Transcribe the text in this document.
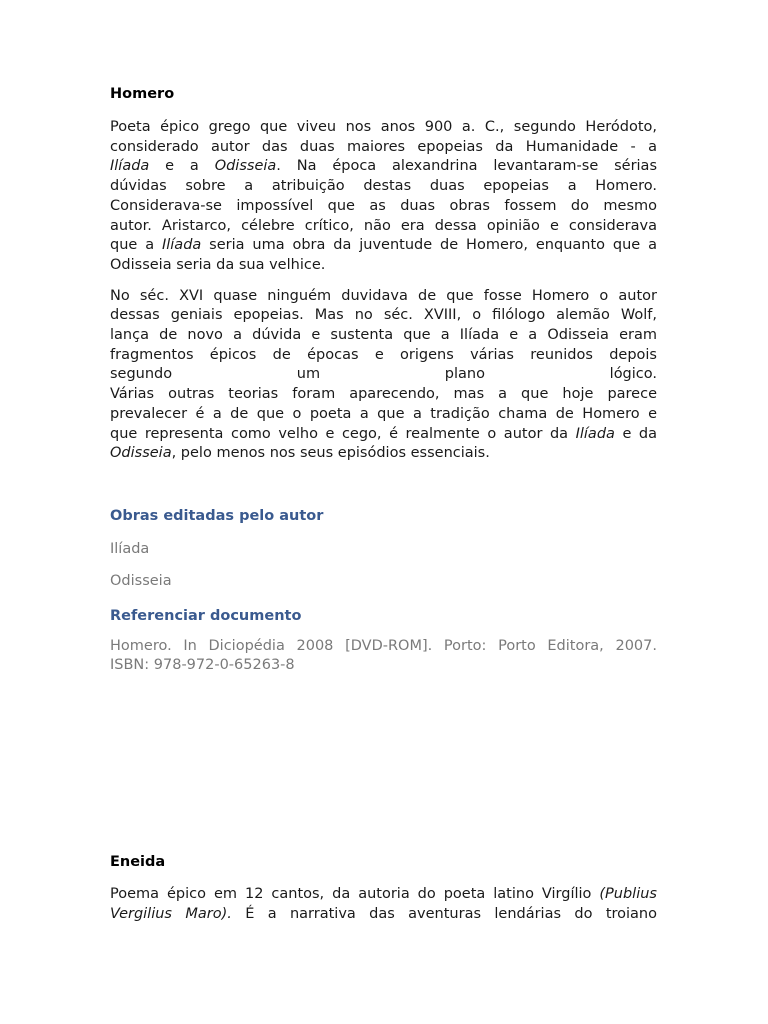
Homero

Poeta épico grego que viveu nos anos 900 a. C., segundo Heródoto,
considerado autor das duas maiores epopeias da Humanidade - a
Ilíada e a Odisseia. Na época alexandrina levantaram-se sérias
dúvidas sobre a atribuição destas duas epopeias a Homero.
Considerava-se impossível que as duas obras fossem do mesmo
autor. Aristarco, célebre crítico, não era dessa opinião e considerava
que a Ilíada seria uma obra da juventude de Homero, enquanto que a
Odisseia seria da sua velhice.

No séc. XVI quase ninguém duvidava de que fosse Homero o autor
dessas geniais epopeias. Mas no séc. XVIII, o filólogo alemão Wolf,
lança de novo a dúvida e sustenta que a Ilíada e a Odisseia eram
fragmentos épicos de épocas e origens várias reunidos depois
segundo um plano lógico.
Várias outras teorias foram aparecendo, mas a que hoje parece
prevalecer é a de que o poeta a que a tradição chama de Homero e
que representa como velho e cego, é realmente o autor da Ilíada e da
Odisseia, pelo menos nos seus episódios essenciais.

Obras editadas pelo autor

Ilíada

Odisseia

Referenciar documento

Homero. In Diciopédia 2008 [DVD-ROM]. Porto: Porto Editora, 2007.
ISBN: 978-972-0-65263-8

Eneida

Poema épico em 12 cantos, da autoria do poeta latino Virgílio (Publius
Vergilius Maro). É a narrativa das aventuras lendárias do troiano
